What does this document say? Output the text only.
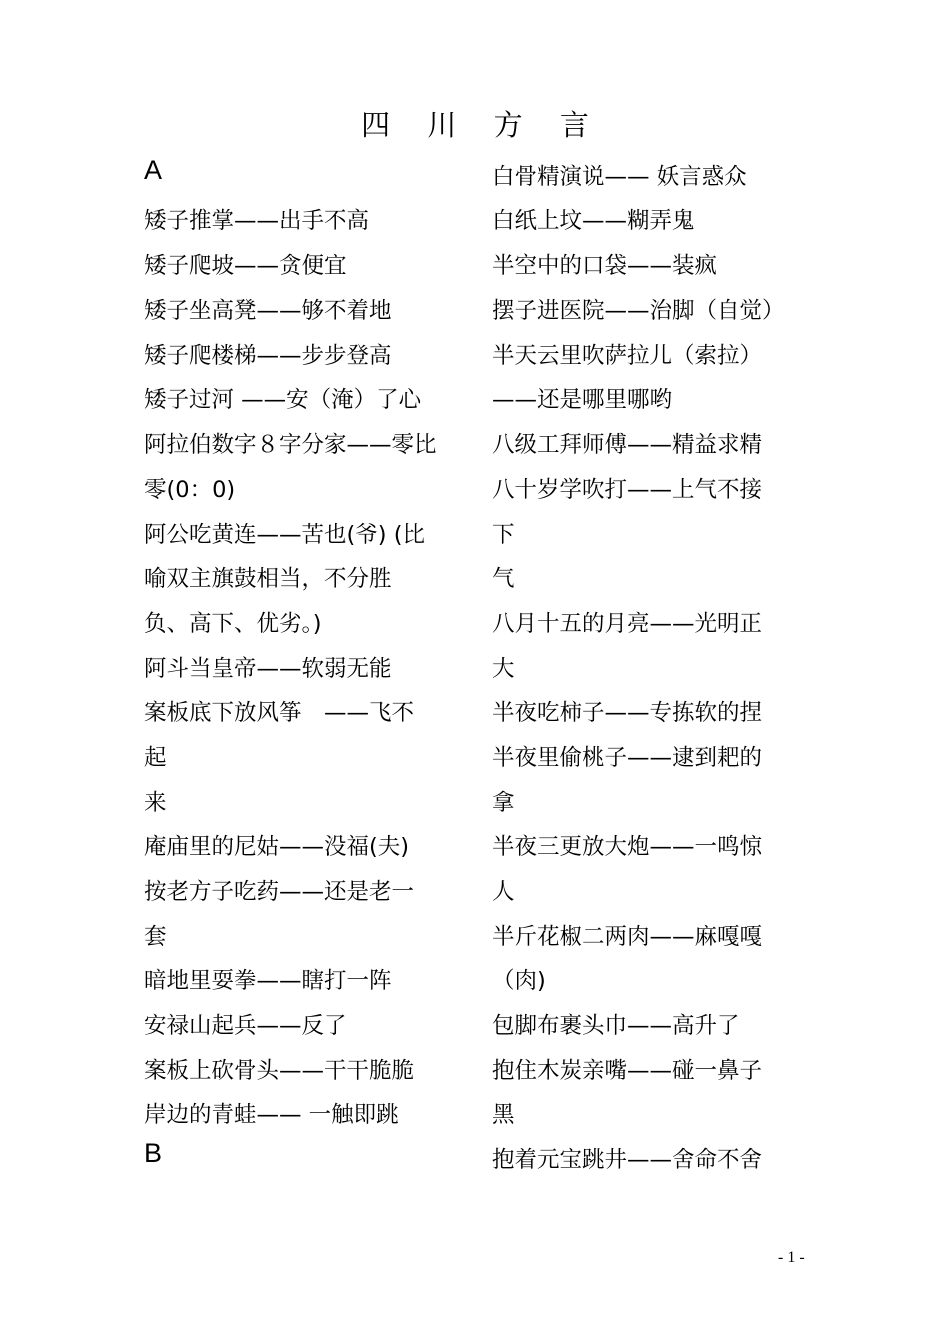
四 川 方 言
A
矮子推掌——出手不高
矮子爬坡——贪便宜
矮子坐高凳——够不着地
矮子爬楼梯——步步登高
矮子过河 ——安（淹）了心
阿拉伯数字８字分家——零比
零(0：0)
阿公吃黄连——苦也(爷) (比
喻双主旗鼓相当，不分胜
负、高下、优劣。)
阿斗当皇帝——软弱无能
案板底下放风筝　——飞不
起
来
庵庙里的尼姑——没福(夫)
按老方子吃药——还是老一
套
暗地里耍拳——瞎打一阵
安禄山起兵——反了
案板上砍骨头——干干脆脆
岸边的青蛙—— 一触即跳
B
白骨精演说—— 妖言惑众
白纸上坟——糊弄鬼
半空中的口袋——装疯
摆子进医院——治脚（自觉）
半天云里吹萨拉儿（索拉）
——还是哪里哪哟
八级工拜师傅——精益求精
八十岁学吹打——上气不接
下
气
八月十五的月亮——光明正
大
半夜吃柿子——专拣软的捏
半夜里偷桃子——逮到耙的
拿
半夜三更放大炮——一鸣惊
人
半斤花椒二两肉——麻嘎嘎
（肉)
包脚布裹头巾——高升了
抱住木炭亲嘴——碰一鼻子
黑
抱着元宝跳井——舍命不舍
- 1 -
